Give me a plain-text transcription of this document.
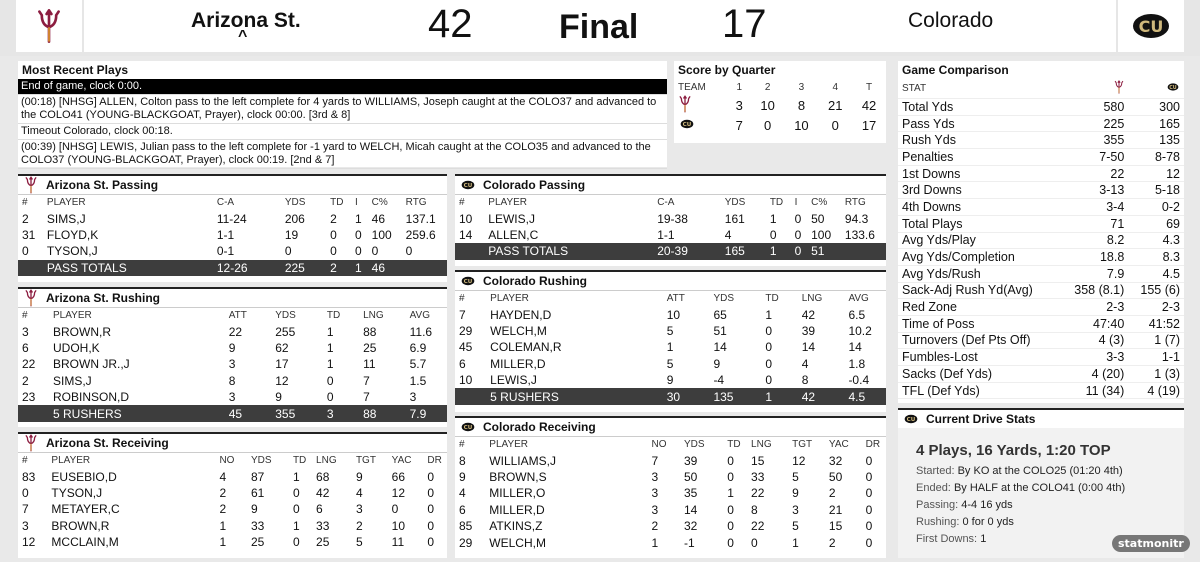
Arizona St.
^	42	Final 17	Colorado
Most Recent Plays
End of game, clock 0:00.
(00:18) [NHSG] ALLEN, Colton pass to the left complete for 4 yards to WILLIAMS, Joseph caught at the COLO37 and advanced to the COLO41 (YOUNG-BLACKGOAT, Prayer), clock 00:00. [3rd & 8]
Timeout Colorado, clock 00:18.
(00:39) [NHSG] LEWIS, Julian pass to the left complete for -1 yard to WELCH, Micah caught at the COLO35 and advanced to the COLO37 (YOUNG-BLACKGOAT, Prayer), clock 00:19. [2nd & 7]
Score by Quarter
TEAM	1	2	3	4	T
	3	10	8	21	42
	7	0	10	0	17
Game Comparison
STAT		
Total Yds	580	300
Pass Yds	225	165
Rush Yds	355	135
Penalties	7-50	8-78
1st Downs	22	12
3rd Downs	3-13	5-18
4th Downs	3-4	0-2
Total Plays	71	69
Avg Yds/Play	8.2	4.3
Avg Yds/Completion	18.8	8.3
Avg Yds/Rush	7.9	4.5
Sack-Adj Rush Yd(Avg)	358 (8.1)	155 (6)
Red Zone	2-3	2-3
Time of Poss	47:40	41:52
Turnovers (Def Pts Off)	4 (3)	1 (7)
Fumbles-Lost	3-3	1-1
Sacks (Def Yds)	4 (20)	1 (3)
TFL (Def Yds)	11 (34)	4 (19)
Arizona St. Passing
#	PLAYER	C-A	YDS	TD	I	C%	RTG
2	SIMS,J	11-24	206	2	1	46	137.1
31	FLOYD,K	1-1	19	0	0	100	259.6
0	TYSON,J	0-1	0	0	0	0	0
	PASS TOTALS	12-26	225	2	1	46	
Arizona St. Rushing
#	PLAYER	ATT	YDS	TD	LNG	AVG
3	BROWN,R	22	255	1	88	11.6
6	UDOH,K	9	62	1	25	6.9
22	BROWN JR.,J	3	17	1	11	5.7
2	SIMS,J	8	12	0	7	1.5
23	ROBINSON,D	3	9	0	7	3
	5 RUSHERS	45	355	3	88	7.9
Arizona St. Receiving
#	PLAYER	NO	YDS	TD	LNG	TGT	YAC	DR
83	EUSEBIO,D	4	87	1	68	9	66	0
0	TYSON,J	2	61	0	42	4	12	0
7	METAYER,C	2	9	0	6	3	0	0
3	BROWN,R	1	33	1	33	2	10	0
12	MCCLAIN,M	1	25	0	25	5	11	0
Colorado Passing
#	PLAYER	C-A	YDS	TD	I	C%	RTG
10	LEWIS,J	19-38	161	1	0	50	94.3
14	ALLEN,C	1-1	4	0	0	100	133.6
	PASS TOTALS	20-39	165	1	0	51	
Colorado Rushing
#	PLAYER	ATT	YDS	TD	LNG	AVG
7	HAYDEN,D	10	65	1	42	6.5
29	WELCH,M	5	51	0	39	10.2
45	COLEMAN,R	1	14	0	14	14
6	MILLER,D	5	9	0	4	1.8
10	LEWIS,J	9	-4	0	8	-0.4
	5 RUSHERS	30	135	1	42	4.5
Colorado Receiving
#	PLAYER	NO	YDS	TD	LNG	TGT	YAC	DR
8	WILLIAMS,J	7	39	0	15	12	32	0
9	BROWN,S	3	50	0	33	5	50	0
4	MILLER,O	3	35	1	22	9	2	0
6	MILLER,D	3	14	0	8	3	21	0
85	ATKINS,Z	2	32	0	22	5	15	0
29	WELCH,M	1	-1	0	0	1	2	0
Current Drive Stats
4 Plays, 16 Yards, 1:20 TOP
Started: By KO at the COLO25 (01:20 4th)
Ended: By HALF at the COLO41 (0:00 4th)
Passing: 4-4 16 yds
Rushing: 0 for 0 yds
First Downs: 1	statmonitr
